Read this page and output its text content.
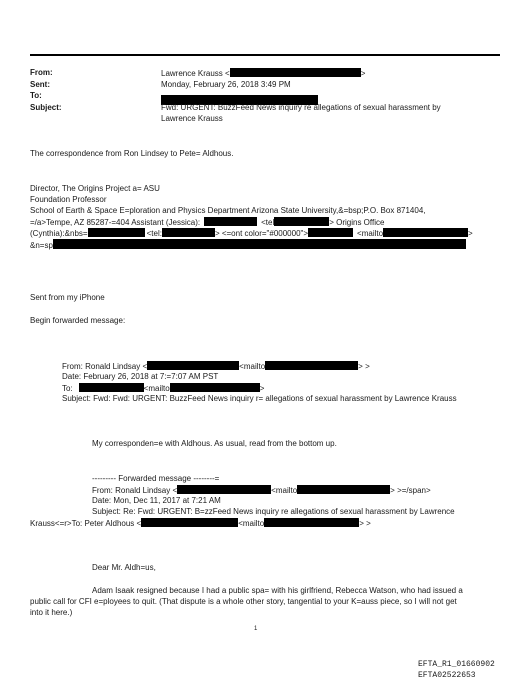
From:	Lawrence Krauss <	>
Sent:	Monday, February 26, 2018 3:49 PM
To:
Subject:	Fwd: URGENT: BuzzFeed News inquiry re allegations of sexual harassment by
Lawrence Krauss
The correspondence from Ron Lindsey to Pete= Aldhous.
Director, The Origins Project a= ASU
Foundation Professor
School of Earth & Space E=ploration and Physics Department Arizona State University,&=bsp;P.O. Box 871404,
=/a>Tempe, AZ 85287-=404 Assistant (Jessica):	<tel	> Origins Office
(Cynthia):&nbs=	<tel:	> <=ont color="#000000">	<mailto	>
&n=sp
Sent from my iPhone
Begin forwarded message:
From: Ronald Lindsay <	<mailto	> >
Date: February 26, 2018 at 7:=7:07 AM PST
To:	<mailto	>
Subject: Fwd: Fwd: URGENT: BuzzFeed News inquiry r= allegations of sexual harassment by Lawrence Krauss
My corresponden=e with Aldhous. As usual, read from the bottom up.
--------- Forwarded message --------=
From: Ronald Lindsay <	<mailto	> >=/span>
Date: Mon, Dec 11, 2017 at 7:21 AM
Subject: Re: Fwd: URGENT: B=zzFeed News inquiry re allegations of sexual harassment by Lawrence
Krauss<=r>To: Peter Aldhous <	<mailto	> >
Dear Mr. Aldh=us,
Adam Isaak resigned because I had a public spa= with his girlfriend, Rebecca Watson, who had issued a
public call for CFI e=ployees to quit. (That dispute is a whole other story, tangential to your K=auss piece, so I will not get
into it here.)
1
EFTA_R1_01660902
EFTA02522653
